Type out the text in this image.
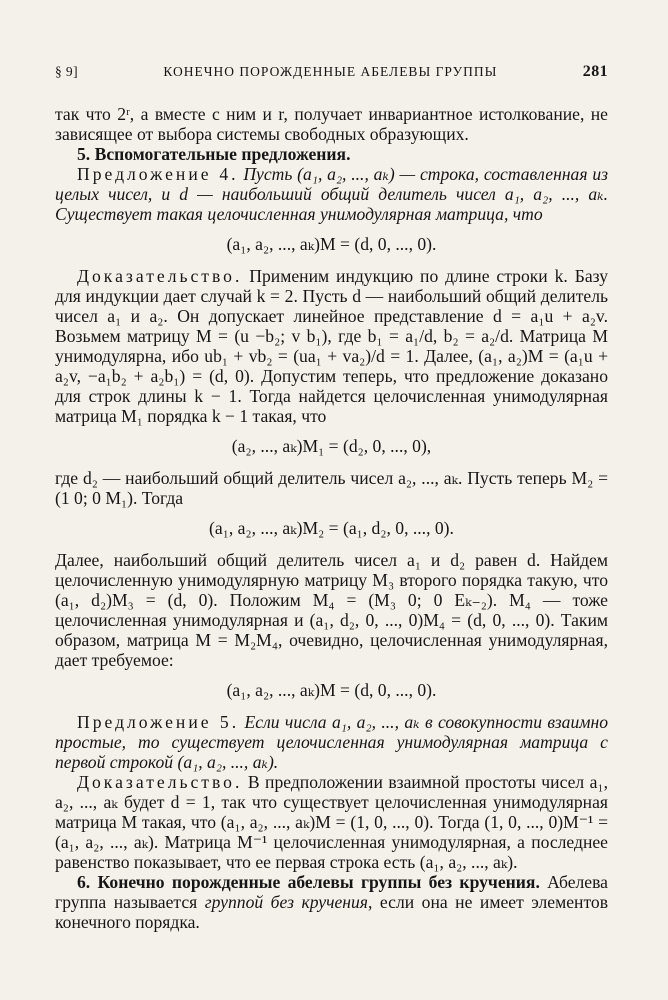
§ 9]	КОНЕЧНО ПОРОЖДЕННЫЕ АБЕЛЕВЫ ГРУППЫ	281

так что 2ʳ, а вместе с ним и r, получает инвариантное истолкование, не зависящее от выбора системы свободных образующих.

5. Вспомогательные предложения.

Предложение 4. Пусть (a₁, a₂, ..., aₖ) — строка, составленная из целых чисел, и d — наибольший общий делитель чисел a₁, a₂, ..., aₖ. Существует такая целочисленная унимодулярная матрица, что

(a₁, a₂, ..., aₖ)M = (d, 0, ..., 0).

Доказательство. Применим индукцию по длине строки k. Базу для индукции дает случай k = 2. Пусть d — наибольший общий делитель чисел a₁ и a₂. Он допускает линейное представление d = a₁u + a₂v. Возьмем матрицу M = (u −b₂; v b₁), где b₁ = a₁/d, b₂ = a₂/d. Матрица M унимодулярна, ибо ub₁ + vb₂ = (ua₁ + va₂)/d = 1. Далее, (a₁, a₂)M = (a₁u + a₂v, −a₁b₂ + a₂b₁) = (d, 0). Допустим теперь, что предложение доказано для строк длины k − 1. Тогда найдется целочисленная унимодулярная матрица M₁ порядка k − 1 такая, что

(a₂, ..., aₖ)M₁ = (d₂, 0, ..., 0),

где d₂ — наибольший общий делитель чисел a₂, ..., aₖ. Пусть теперь M₂ = (1 0; 0 M₁). Тогда

(a₁, a₂, ..., aₖ)M₂ = (a₁, d₂, 0, ..., 0).

Далее, наибольший общий делитель чисел a₁ и d₂ равен d. Найдем целочисленную унимодулярную матрицу M₃ второго порядка такую, что (a₁, d₂)M₃ = (d, 0). Положим M₄ = (M₃ 0; 0 Eₖ₋₂). M₄ — тоже целочисленная унимодулярная и (a₁, d₂, 0, ..., 0)M₄ = (d, 0, ..., 0). Таким образом, матрица M = M₂M₄, очевидно, целочисленная унимодулярная, дает требуемое:

(a₁, a₂, ..., aₖ)M = (d, 0, ..., 0).

Предложение 5. Если числа a₁, a₂, ..., aₖ в совокупности взаимно простые, то существует целочисленная унимодулярная матрица с первой строкой (a₁, a₂, ..., aₖ).

Доказательство. В предположении взаимной простоты чисел a₁, a₂, ..., aₖ будет d = 1, так что существует целочисленная унимодулярная матрица M такая, что (a₁, a₂, ..., aₖ)M = (1, 0, ..., 0). Тогда (1, 0, ..., 0)M⁻¹ = (a₁, a₂, ..., aₖ). Матрица M⁻¹ целочисленная унимодулярная, а последнее равенство показывает, что ее первая строка есть (a₁, a₂, ..., aₖ).

6. Конечно порожденные абелевы группы без кручения. Абелева группа называется группой без кручения, если она не имеет элементов конечного порядка.
